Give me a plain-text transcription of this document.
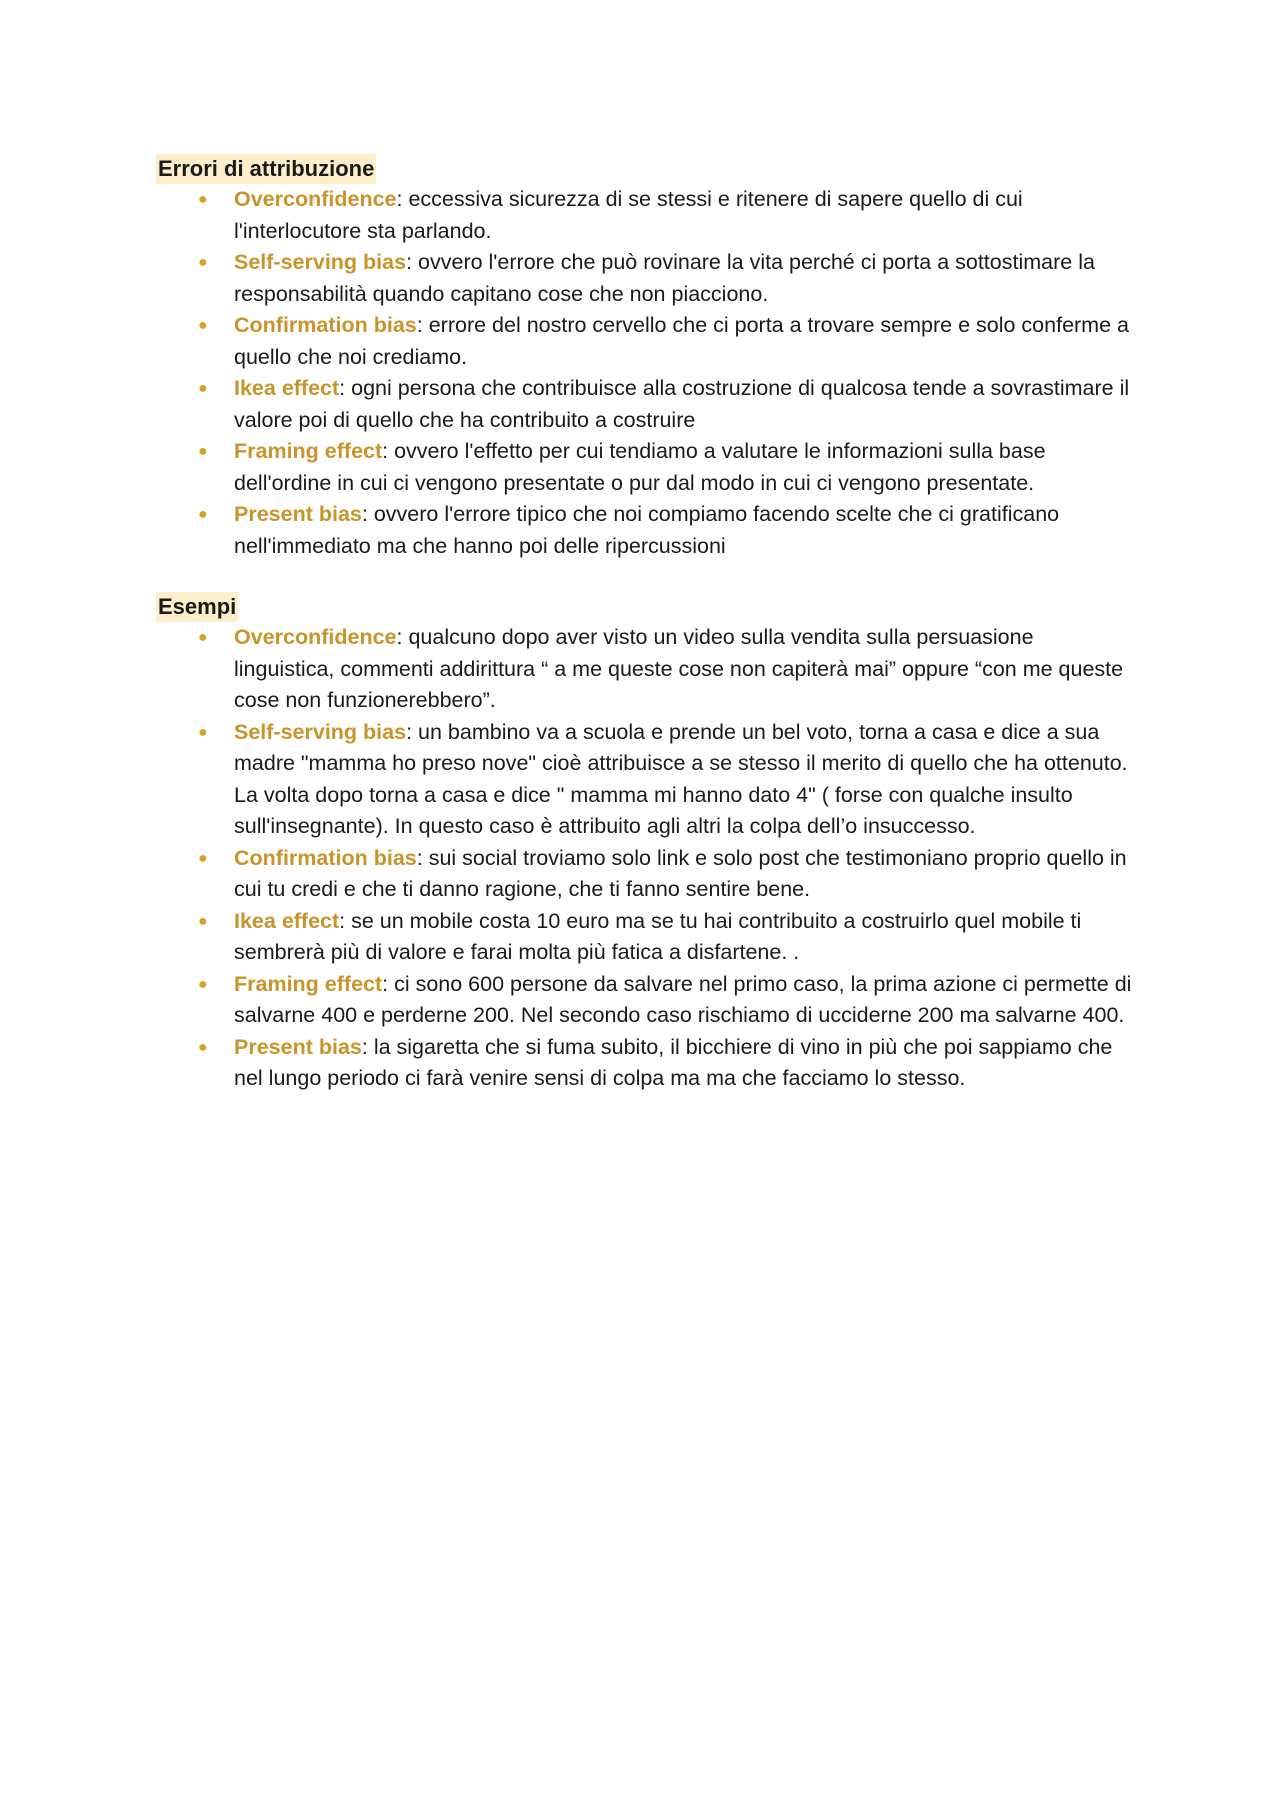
Errori di attribuzione
● Overconfidence: eccessiva sicurezza di se stessi e ritenere di sapere quello di cui l'interlocutore sta parlando.
● Self-serving bias: ovvero l'errore che può rovinare la vita perché ci porta a sottostimare la responsabilità quando capitano cose che non piacciono.
● Confirmation bias: errore del nostro cervello che ci porta a trovare sempre e solo conferme a quello che noi crediamo.
● Ikea effect: ogni persona che contribuisce alla costruzione di qualcosa tende a sovrastimare il valore poi di quello che ha contribuito a costruire
● Framing effect: ovvero l'effetto per cui tendiamo a valutare le informazioni sulla base dell'ordine in cui ci vengono presentate o pur dal modo in cui ci vengono presentate.
● Present bias: ovvero l'errore tipico che noi compiamo facendo scelte che ci gratificano nell'immediato ma che hanno poi delle ripercussioni
Esempi
● Overconfidence: qualcuno dopo aver visto un video sulla vendita sulla persuasione linguistica, commenti addirittura “ a me queste cose non capiterà mai” oppure “con me queste cose non funzionerebbero”.
● Self-serving bias: un bambino va a scuola e prende un bel voto, torna a casa e dice a sua madre "mamma ho preso nove" cioè attribuisce a se stesso il merito di quello che ha ottenuto. La volta dopo torna a casa e dice " mamma mi hanno dato 4" ( forse con qualche insulto sull'insegnante). In questo caso è attribuito agli altri la colpa dell’o insuccesso.
● Confirmation bias: sui social troviamo solo link e solo post che testimoniano proprio quello in cui tu credi e che ti danno ragione, che ti fanno sentire bene.
● Ikea effect: se un mobile costa 10 euro ma se tu hai contribuito a costruirlo quel mobile ti sembrerà più di valore e farai molta più fatica a disfartene. .
● Framing effect: ci sono 600 persone da salvare nel primo caso, la prima azione ci permette di salvarne 400 e perderne 200. Nel secondo caso rischiamo di ucciderne 200 ma salvarne 400.
● Present bias: la sigaretta che si fuma subito, il bicchiere di vino in più che poi sappiamo che nel lungo periodo ci farà venire sensi di colpa ma ma che facciamo lo stesso.
